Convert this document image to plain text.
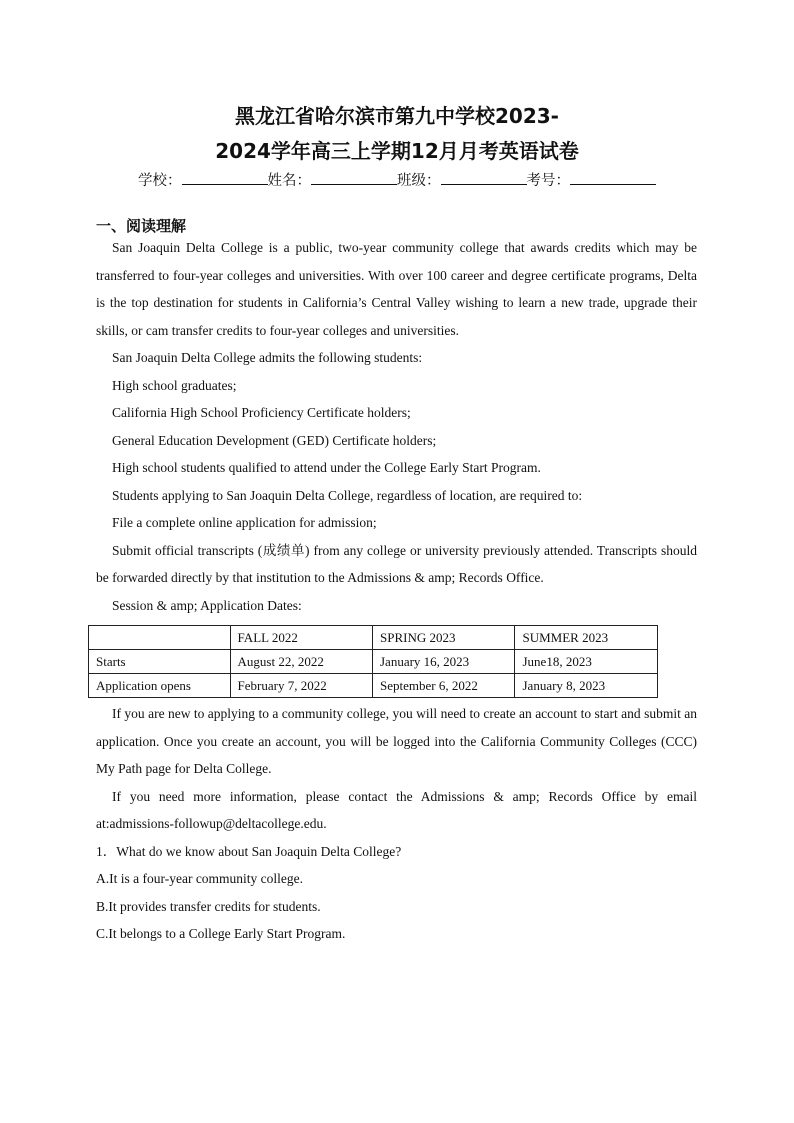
黑龙江省哈尔滨市第九中学校2023-
2024学年高三上学期12月月考英语试卷
学校：	姓名：	班级：	考号：
一、阅读理解

San Joaquin Delta College is a public, two-year community college that awards credits which may be transferred to four-year colleges and universities. With over 100 career and degree certificate programs, Delta is the top destination for students in California’s Central Valley wishing to learn a new trade, upgrade their skills, or cam transfer credits to four-year colleges and universities.

San Joaquin Delta College admits the following students:

High school graduates;

California High School Proficiency Certificate holders;

General Education Development (GED) Certificate holders;

High school students qualified to attend under the College Early Start Program.

Students applying to San Joaquin Delta College, regardless of location, are required to:

File a complete online application for admission;

Submit official transcripts (成绩单) from any college or university previously attended. Transcripts should be forwarded directly by that institution to the Admissions & amp; Records Office.

Session & amp; Application Dates:

	FALL 2022	SPRING 2023	SUMMER 2023
Starts	August 22, 2022	January 16, 2023	June18, 2023
Application opens	February 7, 2022	September 6, 2022	January 8, 2023

If you are new to applying to a community college, you will need to create an account to start and submit an application. Once you create an account, you will be logged into the California Community Colleges (CCC) My Path page for Delta College.

If you need more information, please contact the Admissions & amp; Records Office by email at:admissions-followup@deltacollege.edu.

1．What do we know about San Joaquin Delta College?

A.It is a four-year community college.
B.It provides transfer credits for students.
C.It belongs to a College Early Start Program.
